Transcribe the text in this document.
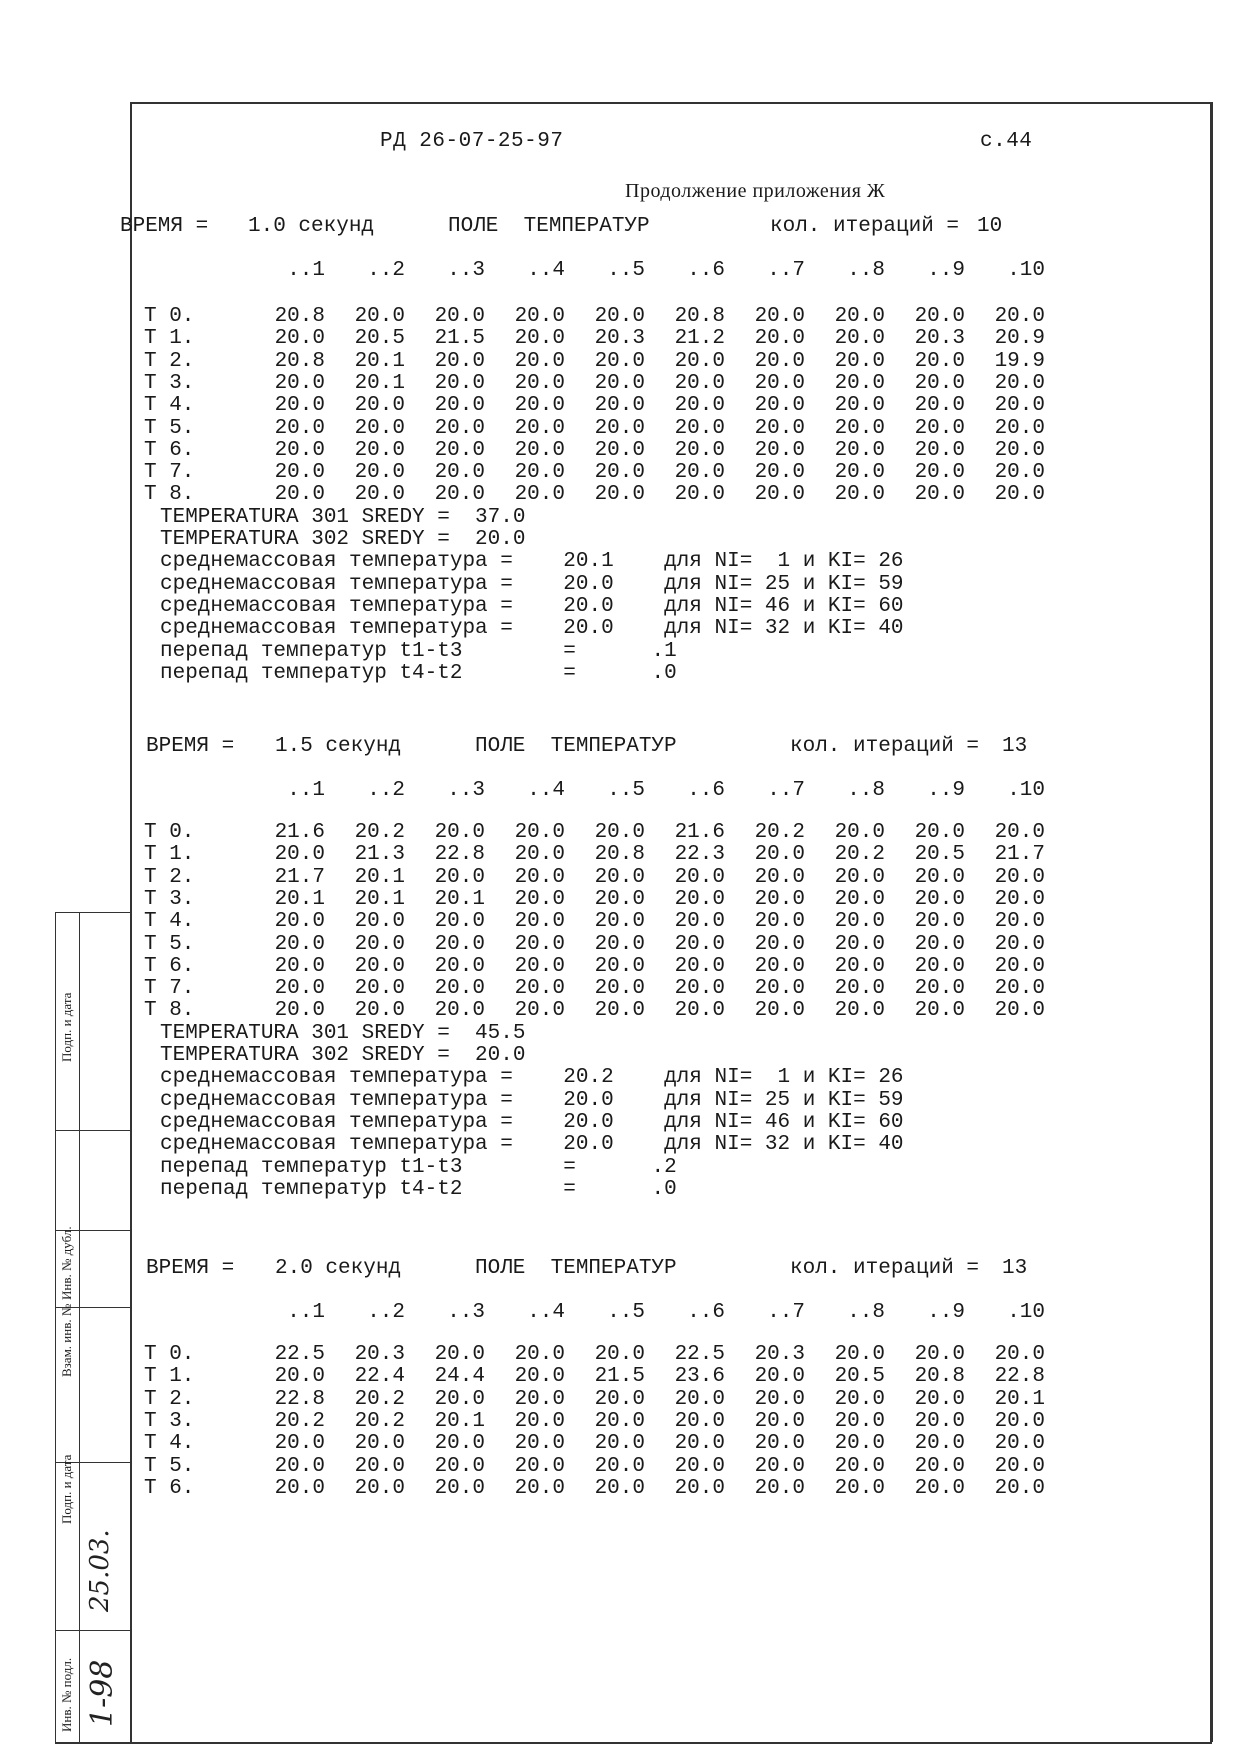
РД 26-07-25-97	с.44
Продолжение приложения Ж
ВРЕМЯ = 1.0 секунд	ПОЛЕ  ТЕМПЕРАТУР	кол. итераций = 10
..1	..2	..3	..4	..5	..6	..7	..8	..9	.10
T 0.	20.8	20.0	20.0	20.0	20.0	20.8	20.0	20.0	20.0	20.0
T 1.	20.0	20.5	21.5	20.0	20.3	21.2	20.0	20.0	20.3	20.9
T 2.	20.8	20.1	20.0	20.0	20.0	20.0	20.0	20.0	20.0	19.9
T 3.	20.0	20.1	20.0	20.0	20.0	20.0	20.0	20.0	20.0	20.0
T 4.	20.0	20.0	20.0	20.0	20.0	20.0	20.0	20.0	20.0	20.0
T 5.	20.0	20.0	20.0	20.0	20.0	20.0	20.0	20.0	20.0	20.0
T 6.	20.0	20.0	20.0	20.0	20.0	20.0	20.0	20.0	20.0	20.0
T 7.	20.0	20.0	20.0	20.0	20.0	20.0	20.0	20.0	20.0	20.0
T 8.	20.0	20.0	20.0	20.0	20.0	20.0	20.0	20.0	20.0	20.0
TEMPERATURA 301 SREDY =  37.0
TEMPERATURA 302 SREDY =  20.0
среднемассовая температура =    20.1    для NI=  1 и KI= 26
среднемассовая температура =    20.0    для NI= 25 и KI= 59
среднемассовая температура =    20.0    для NI= 46 и KI= 60
среднемассовая температура =    20.0    для NI= 32 и KI= 40
перепад температур t1-t3        =      .1
перепад температур t4-t2        =      .0
ВРЕМЯ = 1.5 секунд	ПОЛЕ  ТЕМПЕРАТУР	кол. итераций = 13
..1	..2	..3	..4	..5	..6	..7	..8	..9	.10
T 0.	21.6	20.2	20.0	20.0	20.0	21.6	20.2	20.0	20.0	20.0
T 1.	20.0	21.3	22.8	20.0	20.8	22.3	20.0	20.2	20.5	21.7
T 2.	21.7	20.1	20.0	20.0	20.0	20.0	20.0	20.0	20.0	20.0
T 3.	20.1	20.1	20.1	20.0	20.0	20.0	20.0	20.0	20.0	20.0
T 4.	20.0	20.0	20.0	20.0	20.0	20.0	20.0	20.0	20.0	20.0
T 5.	20.0	20.0	20.0	20.0	20.0	20.0	20.0	20.0	20.0	20.0
T 6.	20.0	20.0	20.0	20.0	20.0	20.0	20.0	20.0	20.0	20.0
T 7.	20.0	20.0	20.0	20.0	20.0	20.0	20.0	20.0	20.0	20.0
T 8.	20.0	20.0	20.0	20.0	20.0	20.0	20.0	20.0	20.0	20.0
TEMPERATURA 301 SREDY =  45.5
TEMPERATURA 302 SREDY =  20.0
среднемассовая температура =    20.2    для NI=  1 и KI= 26
среднемассовая температура =    20.0    для NI= 25 и KI= 59
среднемассовая температура =    20.0    для NI= 46 и KI= 60
среднемассовая температура =    20.0    для NI= 32 и KI= 40
перепад температур t1-t3        =      .2
перепад температур t4-t2        =      .0
ВРЕМЯ = 2.0 секунд	ПОЛЕ  ТЕМПЕРАТУР	кол. итераций = 13
..1	..2	..3	..4	..5	..6	..7	..8	..9	.10
T 0.	22.5	20.3	20.0	20.0	20.0	22.5	20.3	20.0	20.0	20.0
T 1.	20.0	22.4	24.4	20.0	21.5	23.6	20.0	20.5	20.8	22.8
T 2.	22.8	20.2	20.0	20.0	20.0	20.0	20.0	20.0	20.0	20.1
T 3.	20.2	20.2	20.1	20.0	20.0	20.0	20.0	20.0	20.0	20.0
T 4.	20.0	20.0	20.0	20.0	20.0	20.0	20.0	20.0	20.0	20.0
T 5.	20.0	20.0	20.0	20.0	20.0	20.0	20.0	20.0	20.0	20.0
T 6.	20.0	20.0	20.0	20.0	20.0	20.0	20.0	20.0	20.0	20.0
Подп. и дата
Взам. инв. №
Инв. № дубл.
Подп. и дата
Инв. № подл.
25.03.
1-98
